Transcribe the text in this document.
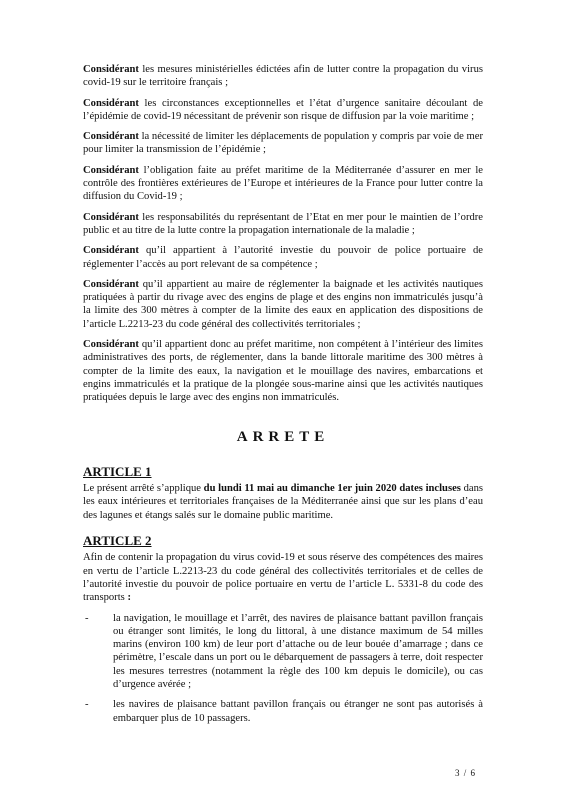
Considérant les mesures ministérielles édictées afin de lutter contre la propagation du virus covid-19 sur le territoire français ;

Considérant les circonstances exceptionnelles et l’état d’urgence sanitaire découlant de l’épidémie de covid-19 nécessitant de prévenir son risque de diffusion par la voie maritime ;

Considérant la nécessité de limiter les déplacements de population y compris par voie de mer pour limiter la transmission de l’épidémie ;

Considérant l’obligation faite au préfet maritime de la Méditerranée d’assurer en mer le contrôle des frontières extérieures de l’Europe et intérieures de la France pour lutter contre la diffusion du Covid-19 ;

Considérant les responsabilités du représentant de l’Etat en mer pour le maintien de l’ordre public et au titre de la lutte contre la propagation internationale de la maladie ;

Considérant qu’il appartient à l’autorité investie du pouvoir de police portuaire de réglementer l’accès au port relevant de sa compétence ;

Considérant qu’il appartient au maire de réglementer la baignade et les activités nautiques pratiquées à partir du rivage avec des engins de plage et des engins non immatriculés jusqu’à la limite des 300 mètres à compter de la limite des eaux en application des dispositions de l’article L.2213-23 du code général des collectivités territoriales ;

Considérant qu’il appartient donc au préfet maritime, non compétent à l’intérieur des limites administratives des ports, de réglementer, dans la bande littorale maritime des 300 mètres à compter de la limite des eaux, la navigation et le mouillage des navires, embarcations et engins immatriculés et la pratique de la plongée sous-marine ainsi que les activités nautiques pratiquées depuis le large avec des engins non immatriculés.

ARRETE
ARTICLE 1

Le présent arrêté s’applique du lundi 11 mai au dimanche 1er juin 2020 dates incluses dans les eaux intérieures et territoriales françaises de la Méditerranée ainsi que sur les plans d’eau des lagunes et étangs salés sur le domaine public maritime.

ARTICLE 2

Afin de contenir la propagation du virus covid-19 et sous réserve des compétences des maires en vertu de l’article L.2213-23 du code général des collectivités territoriales et de celles de l’autorité investie du pouvoir de police portuaire en vertu de l’article L. 5331-8 du code des transports :

- la navigation, le mouillage et l’arrêt, des navires de plaisance battant pavillon français ou étranger sont limités, le long du littoral, à une distance maximum de 54 milles marins (environ 100 km) de leur port d’attache ou de leur bouée d’amarrage ; dans ce périmètre, l’escale dans un port ou le débarquement de passagers à terre, doit respecter les mesures terrestres (notamment la règle des 100 km depuis le domicile), ou cas d’urgence avérée ;
- les navires de plaisance battant pavillon français ou étranger ne sont pas autorisés à embarquer plus de 10 passagers.
3 / 6
